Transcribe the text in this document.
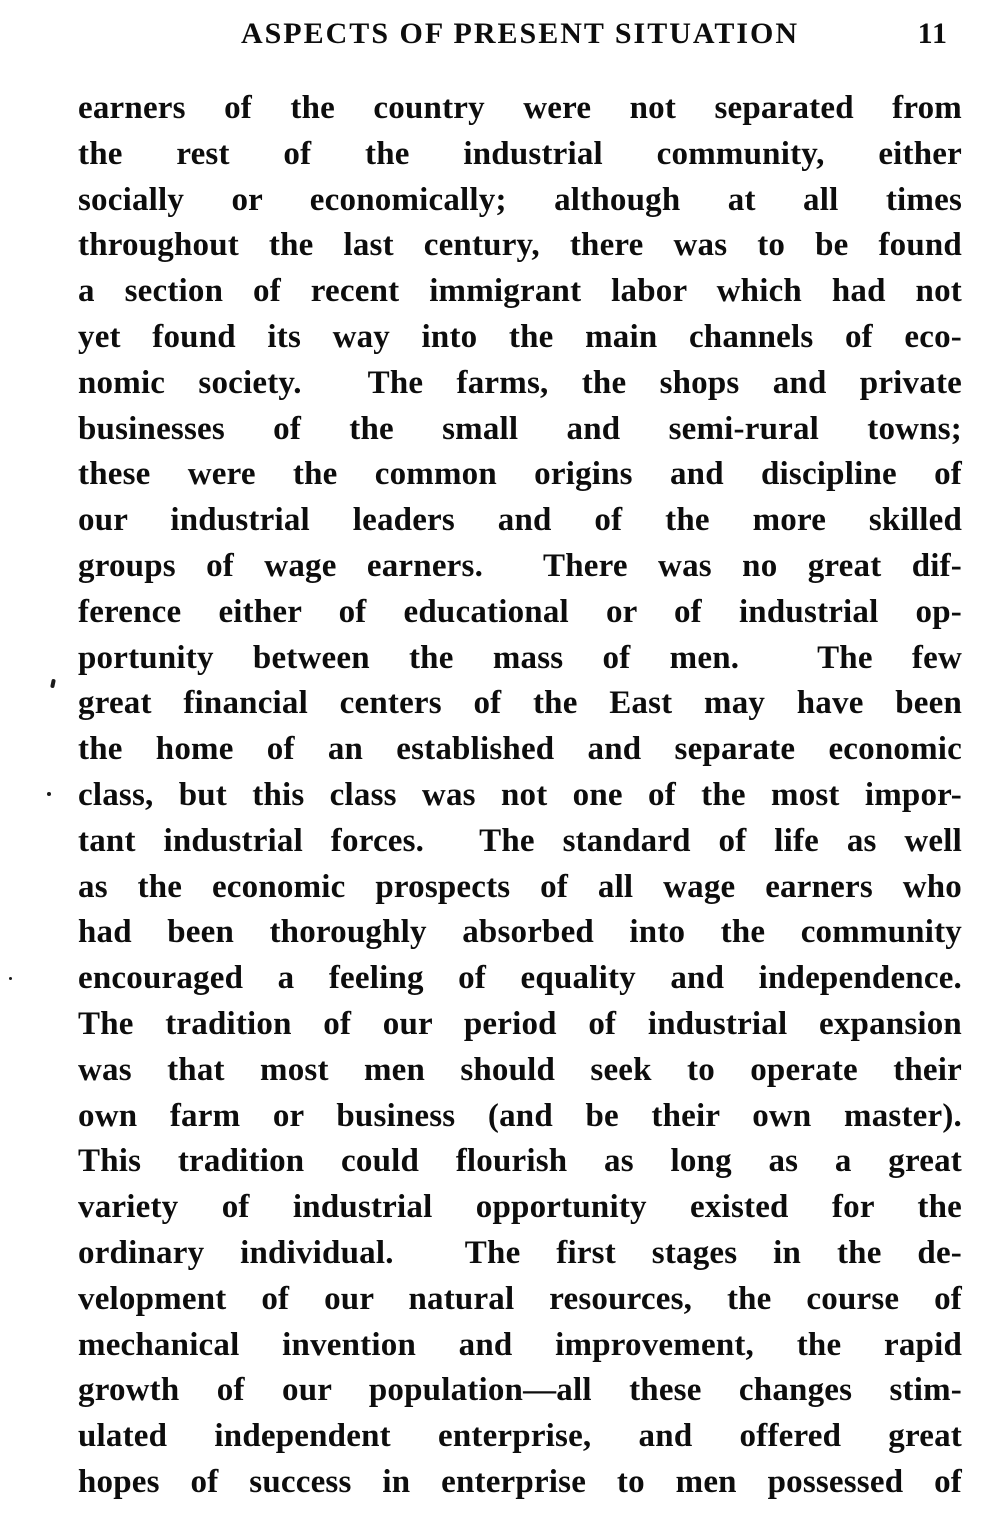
ASPECTS OF PRESENT SITUATION	11
earners of the country were not separated from
the rest of the industrial community, either
socially or economically; although at all times
throughout the last century, there was to be found
a section of recent immigrant labor which had not
yet found its way into the main channels of eco-
nomic society.  The farms, the shops and private
businesses of the small and semi-rural towns;
these were the common origins and discipline of
our industrial leaders and of the more skilled
groups of wage earners.  There was no great dif-
ference either of educational or of industrial op-
portunity between the mass of men.  The few
great financial centers of the East may have been
the home of an established and separate economic
class, but this class was not one of the most impor-
tant industrial forces.  The standard of life as well
as the economic prospects of all wage earners who
had been thoroughly absorbed into the community
encouraged a feeling of equality and independence.
The tradition of our period of industrial expansion
was that most men should seek to operate their
own farm or business (and be their own master).
This tradition could flourish as long as a great
variety of industrial opportunity existed for the
ordinary individual.  The first stages in the de-
velopment of our natural resources, the course of
mechanical invention and improvement, the rapid
growth of our population—all these changes stim-
ulated independent enterprise, and offered great
hopes of success in enterprise to men possessed of
